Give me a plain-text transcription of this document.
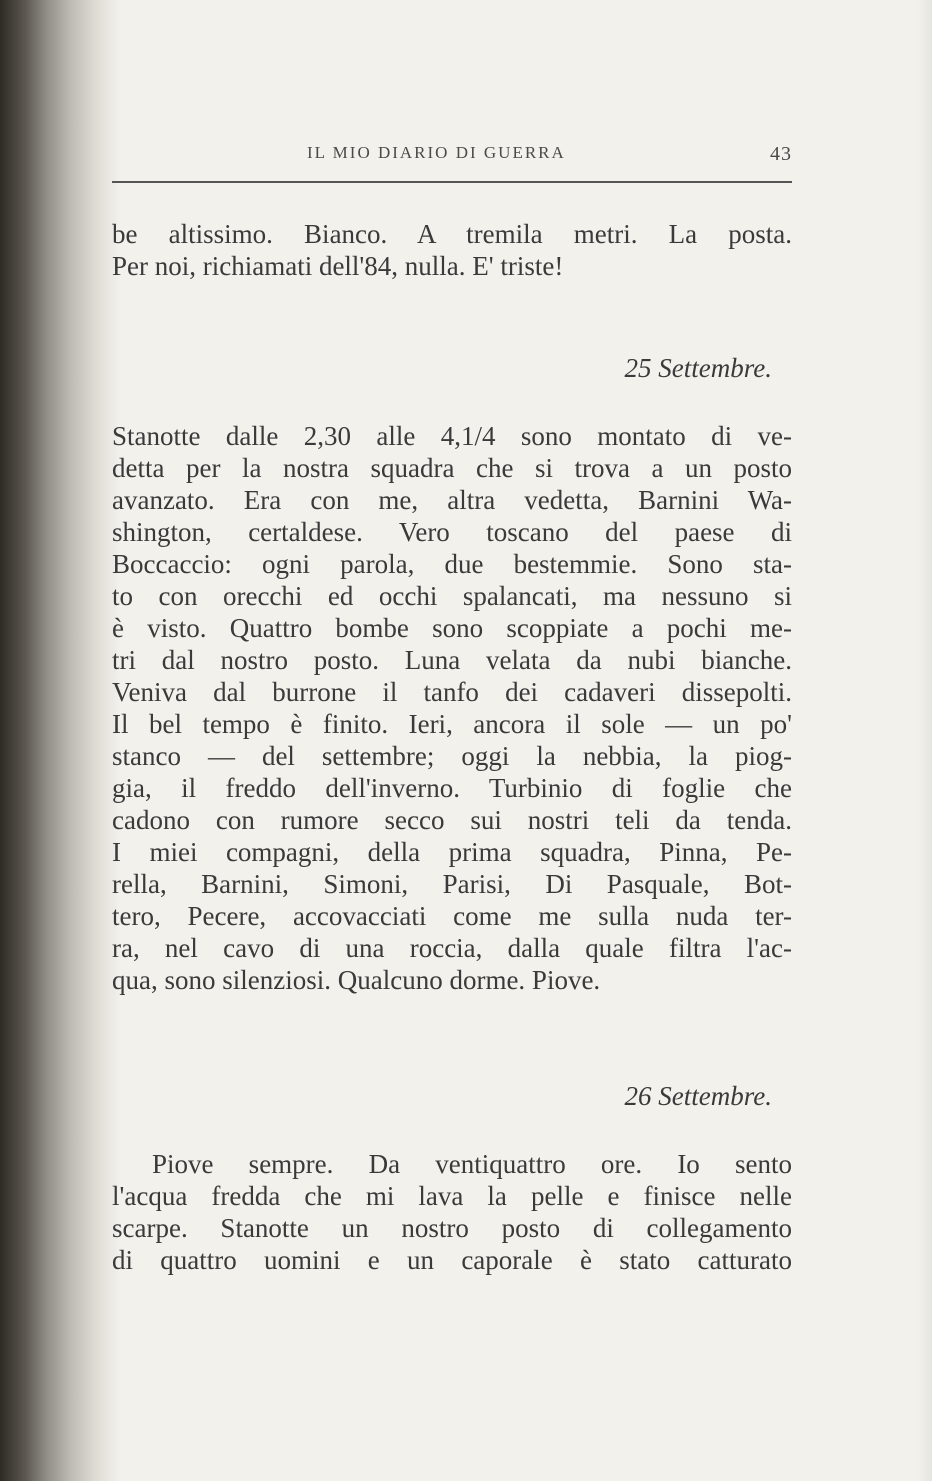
IL MIO DIARIO DI GUERRA	43
be altissimo. Bianco. A tremila metri. La posta.
Per noi, richiamati dell'84, nulla. E' triste!
25 Settembre.
Stanotte dalle 2,30 alle 4,1/4 sono montato di ve-
detta per la nostra squadra che si trova a un posto
avanzato. Era con me, altra vedetta, Barnini Wa-
shington, certaldese. Vero toscano del paese di
Boccaccio: ogni parola, due bestemmie. Sono sta-
to con orecchi ed occhi spalancati, ma nessuno si
è visto. Quattro bombe sono scoppiate a pochi me-
tri dal nostro posto. Luna velata da nubi bianche.
Veniva dal burrone il tanfo dei cadaveri dissepolti.
Il bel tempo è finito. Ieri, ancora il sole — un po'
stanco — del settembre; oggi la nebbia, la piog-
gia, il freddo dell'inverno. Turbinio di foglie che
cadono con rumore secco sui nostri teli da tenda.
I miei compagni, della prima squadra, Pinna, Pe-
rella, Barnini, Simoni, Parisi, Di Pasquale, Bot-
tero, Pecere, accovacciati come me sulla nuda ter-
ra, nel cavo di una roccia, dalla quale filtra l'ac-
qua, sono silenziosi. Qualcuno dorme. Piove.
26 Settembre.
Piove sempre. Da ventiquattro ore. Io sento
l'acqua fredda che mi lava la pelle e finisce nelle
scarpe. Stanotte un nostro posto di collegamento
di quattro uomini e un caporale è stato catturato
